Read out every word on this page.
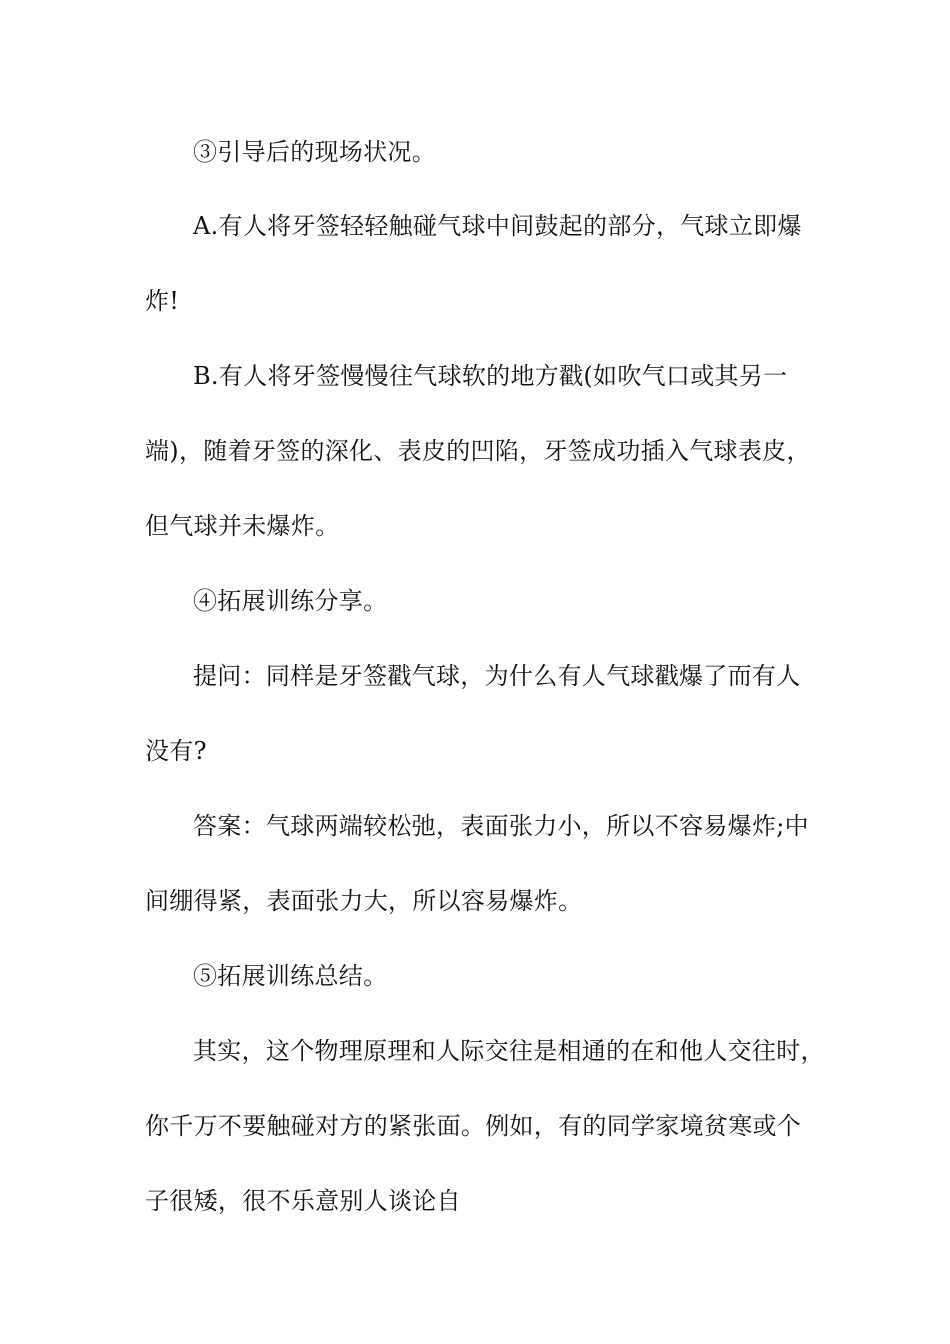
③引导后的现场状况。
A.有人将牙签轻轻触碰气球中间鼓起的部分，气球立即爆
炸!
B.有人将牙签慢慢往气球软的地方戳(如吹气口或其另一
端)，随着牙签的深化、表皮的凹陷，牙签成功插入气球表皮，
但气球并未爆炸。
④拓展训练分享。
提问：同样是牙签戳气球，为什么有人气球戳爆了而有人
没有?
答案：气球两端较松弛，表面张力小，所以不容易爆炸;中
间绷得紧，表面张力大，所以容易爆炸。
⑤拓展训练总结。
其实，这个物理原理和人际交往是相通的在和他人交往时，
你千万不要触碰对方的紧张面。例如，有的同学家境贫寒或个
子很矮，很不乐意别人谈论自
